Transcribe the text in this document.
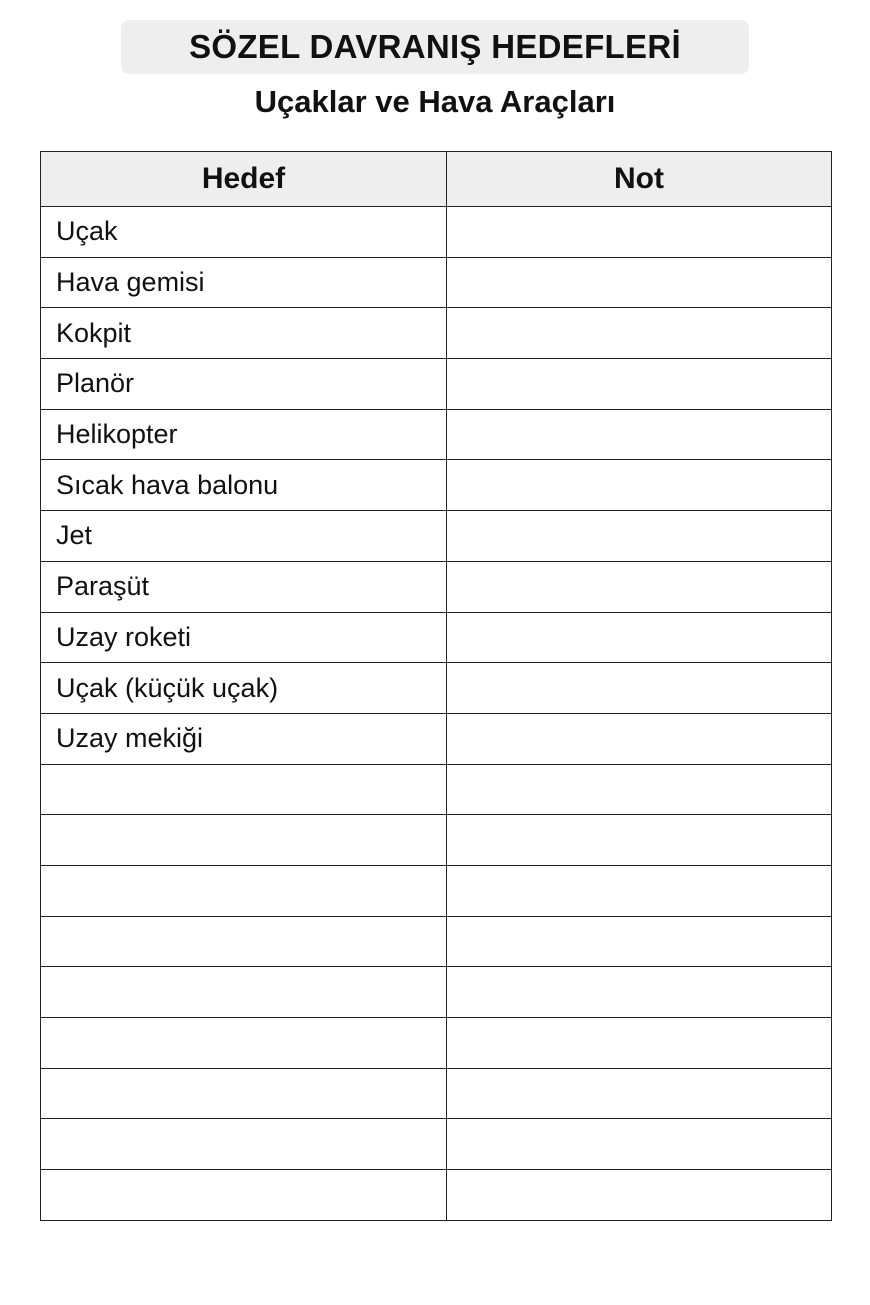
SÖZEL DAVRANIŞ HEDEFLERİ
Uçaklar ve Hava Araçları
Hedef	Not
Uçak	
Hava gemisi	
Kokpit	
Planör	
Helikopter	
Sıcak hava balonu	
Jet	
Paraşüt	
Uzay roketi	
Uçak (küçük uçak)	
Uzay mekiği	
